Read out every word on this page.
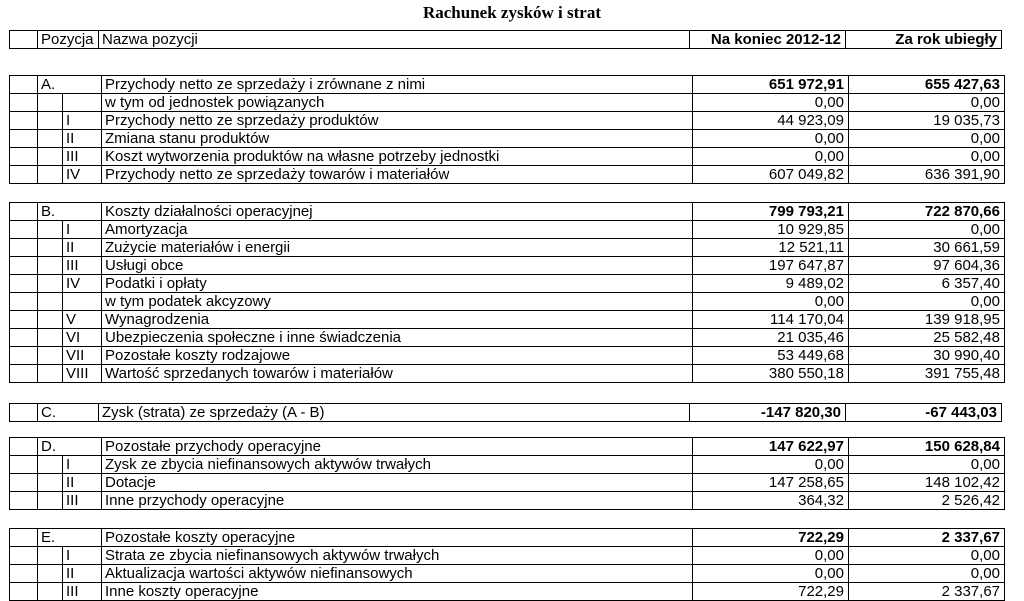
Rachunek zysków i strat
	Pozycja	Nazwa pozycji	Na koniec 2012-12	Za rok ubiegły
	A.		Przychody netto ze sprzedaży i zrównane z nimi	651 972,91	655 427,63
			w tym od jednostek powiązanych	0,00	0,00
		I	Przychody netto ze sprzedaży produktów	44 923,09	19 035,73
		II	Zmiana stanu produktów	0,00	0,00
		III	Koszt wytworzenia produktów na własne potrzeby jednostki	0,00	0,00
		IV	Przychody netto ze sprzedaży towarów i materiałów	607 049,82	636 391,90
	B.		Koszty działalności operacyjnej	799 793,21	722 870,66
		I	Amortyzacja	10 929,85	0,00
		II	Zużycie materiałów i energii	12 521,11	30 661,59
		III	Usługi obce	197 647,87	97 604,36
		IV	Podatki i opłaty	9 489,02	6 357,40
			w tym podatek akcyzowy	0,00	0,00
		V	Wynagrodzenia	114 170,04	139 918,95
		VI	Ubezpieczenia społeczne i inne świadczenia	21 035,46	25 582,48
		VII	Pozostałe koszty rodzajowe	53 449,68	30 990,40
		VIII	Wartość sprzedanych towarów i materiałów	380 550,18	391 755,48
	C.	Zysk (strata) ze sprzedaży (A - B)	-147 820,30	-67 443,03
	D.		Pozostałe przychody operacyjne	147 622,97	150 628,84
		I	Zysk ze zbycia niefinansowych aktywów trwałych	0,00	0,00
		II	Dotacje	147 258,65	148 102,42
		III	Inne przychody operacyjne	364,32	2 526,42
	E.		Pozostałe koszty operacyjne	722,29	2 337,67
		I	Strata ze zbycia niefinansowych aktywów trwałych	0,00	0,00
		II	Aktualizacja wartości aktywów niefinansowych	0,00	0,00
		III	Inne koszty operacyjne	722,29	2 337,67
